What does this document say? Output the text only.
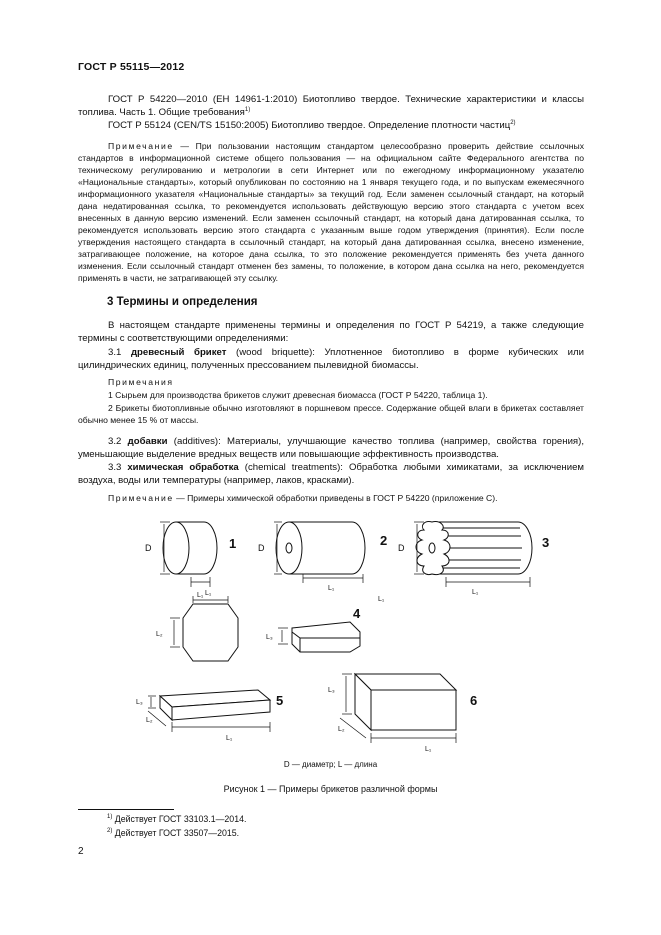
ГОСТ Р 55115—2012
ГОСТ Р 54220—2010 (ЕН 14961-1:2010) Биотопливо твердое. Технические характеристики и классы топлива. Часть 1. Общие требования$^{1)}$
ГОСТ Р 55124 (CEN/TS 15150:2005) Биотопливо твердое. Определение плотности частиц$^{2)}$
Примечание — При пользовании настоящим стандартом целесообразно проверить действие ссылочных стандартов в информационной системе общего пользования — на официальном сайте Федерального агентства по техническому регулированию и метрологии в сети Интернет или по ежегодному информационному указателю «Национальные стандарты», который опубликован по состоянию на 1 января текущего года, и по выпускам ежемесячного информационного указателя «Национальные стандарты» за текущий год. Если заменен ссылочный стандарт, на который дана недатированная ссылка, то рекомендуется использовать действующую версию этого стандарта с учетом всех внесенных в данную версию изменений. Если заменен ссылочный стандарт, на который дана датированная ссылка, то рекомендуется использовать версию этого стандарта с указанным выше годом утверждения (принятия). Если после утверждения настоящего стандарта в ссылочный стандарт, на который дана датированная ссылка, внесено изменение, затрагивающее положение, на которое дана ссылка, то это положение рекомендуется применять без учета данного изменения. Если ссылочный стандарт отменен без замены, то положение, в котором дана ссылка на него, рекомендуется применять в части, не затрагивающей эту ссылку.
3 Термины и определения
В настоящем стандарте применены термины и определения по ГОСТ Р 54219, а также следующие термины с соответствующими определениями:
3.1 древесный брикет (wood briquette): Уплотненное биотопливо в форме кубических или цилиндрических единиц, полученных прессованием пылевидной биомассы.
Примечания
1 Сырьем для производства брикетов служит древесная биомасса (ГОСТ Р 54220, таблица 1).
2 Брикеты биотопливные обычно изготовляют в поршневом прессе. Содержание общей влаги в брикетах составляет обычно менее 15 % от массы.
3.2 добавки (additives): Материалы, улучшающие качество топлива (например, свойства горения), уменьшающие выделение вредных веществ или повышающие эффективность производства.
3.3 химическая обработка (chemical treatments): Обработка любыми химикатами, за исключением воздуха, воды или температуры (например, лаков, красками).
Примечание — Примеры химической обработки приведены в ГОСТ Р 54220 (приложение С).
D
L₁
D
L₁
L₁
D
L₁
L₂
L₁
L₃
L₃
L₂
L₁
L₃
L₂
L₁
1	2	3
4
5	6
D — диаметр; L — длина
Рисунок 1 — Примеры брикетов различной формы
$^{1)}$ Действует ГОСТ 33103.1—2014.
$^{2)}$ Действует ГОСТ 33507—2015.
2
